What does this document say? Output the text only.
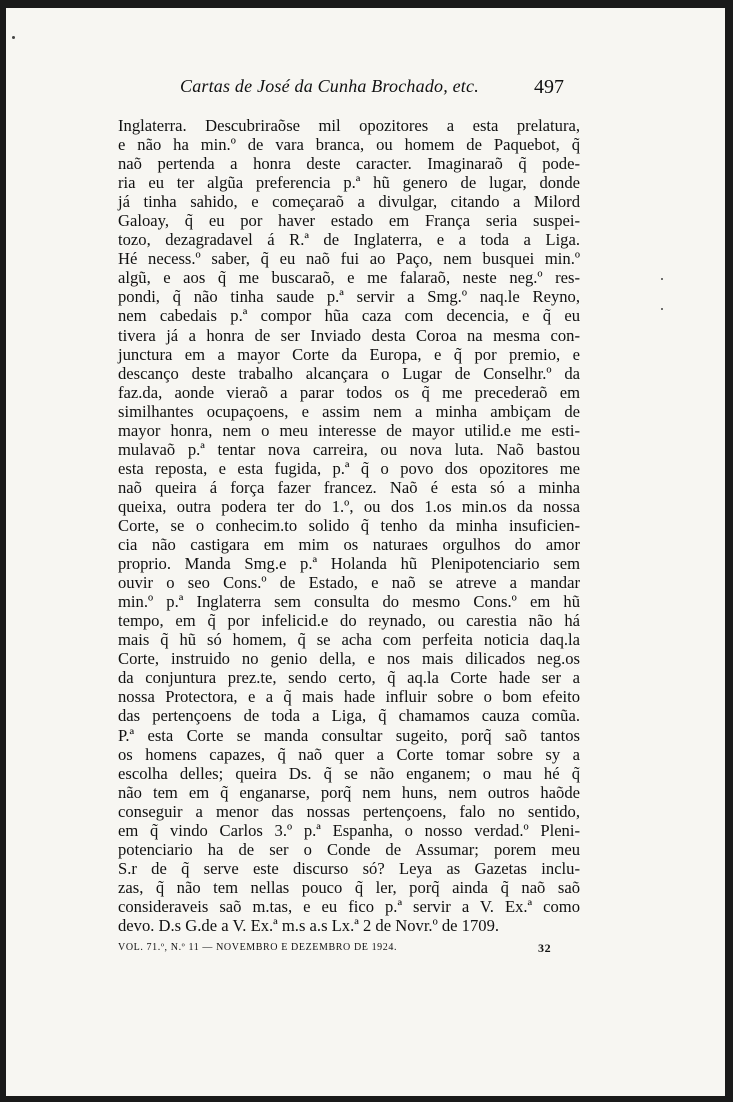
Cartas de José da Cunha Brochado, etc.	497
Inglaterra. Descubriraõse mil opozitores a esta prelatura,
e não ha min.º de vara branca, ou homem de Paquebot, q̃
naõ pertenda a honra deste caracter. Imaginaraõ q̃ pode-
ria eu ter algũa preferencia p.ª hũ genero de lugar, donde
já tinha sahido, e começaraõ a divulgar, citando a Milord
Galoay, q̃ eu por haver estado em França seria suspei-
tozo, dezagradavel á R.ª de Inglaterra, e a toda a Liga.
Hé necess.º saber, q̃ eu naõ fui ao Paço, nem busquei min.º
algũ, e aos q̃ me buscaraõ, e me falaraõ, neste neg.º res-
pondi, q̃ não tinha saude p.ª servir a Smg.º naq.le Reyno,
nem cabedais p.ª compor hũa caza com decencia, e q̃ eu
tivera já a honra de ser Inviado desta Coroa na mesma con-
junctura em a mayor Corte da Europa, e q̃ por premio, e
descanço deste trabalho alcançara o Lugar de Conselhr.º da
faz.da, aonde vieraõ a parar todos os q̃ me precederaõ em
similhantes ocupaçoens, e assim nem a minha ambiçam de
mayor honra, nem o meu interesse de mayor utilid.e me esti-
mulavaõ p.ª tentar nova carreira, ou nova luta. Naõ bastou
esta reposta, e esta fugida, p.ª q̃ o povo dos opozitores me
naõ queira á força fazer francez. Naõ é esta só a minha
queixa, outra podera ter do 1.º, ou dos 1.os min.os da nossa
Corte, se o conhecim.to solido q̃ tenho da minha insuficien-
cia não castigara em mim os naturaes orgulhos do amor
proprio. Manda Smg.e p.ª Holanda hũ Plenipotenciario sem
ouvir o seo Cons.º de Estado, e naõ se atreve a mandar
min.º p.ª Inglaterra sem consulta do mesmo Cons.º em hũ
tempo, em q̃ por infelicid.e do reynado, ou carestia não há
mais q̃ hũ só homem, q̃ se acha com perfeita noticia daq.la
Corte, instruido no genio della, e nos mais dilicados neg.os
da conjuntura prez.te, sendo certo, q̃ aq.la Corte hade ser a
nossa Protectora, e a q̃ mais hade influir sobre o bom efeito
das pertençoens de toda a Liga, q̃ chamamos cauza comũa.
P.ª esta Corte se manda consultar sugeito, porq̃ saõ tantos
os homens capazes, q̃ naõ quer a Corte tomar sobre sy a
escolha delles; queira Ds. q̃ se não enganem; o mau hé q̃
não tem em q̃ enganarse, porq̃ nem huns, nem outros haõde
conseguir a menor das nossas pertençoens, falo no sentido,
em q̃ vindo Carlos 3.º p.ª Espanha, o nosso verdad.º Pleni-
potenciario ha de ser o Conde de Assumar; porem meu
S.r de q̃ serve este discurso só? Leya as Gazetas inclu-
zas, q̃ não tem nellas pouco q̃ ler, porq̃ ainda q̃ naõ saõ
consideraveis saõ m.tas, e eu fico p.ª servir a V. Ex.ª como
devo. D.s G.de a V. Ex.ª m.s a.s Lx.ª 2 de Novr.º de 1709.
VOL. 71.º, N.º 11 — NOVEMBRO E DEZEMBRO DE 1924.	32
